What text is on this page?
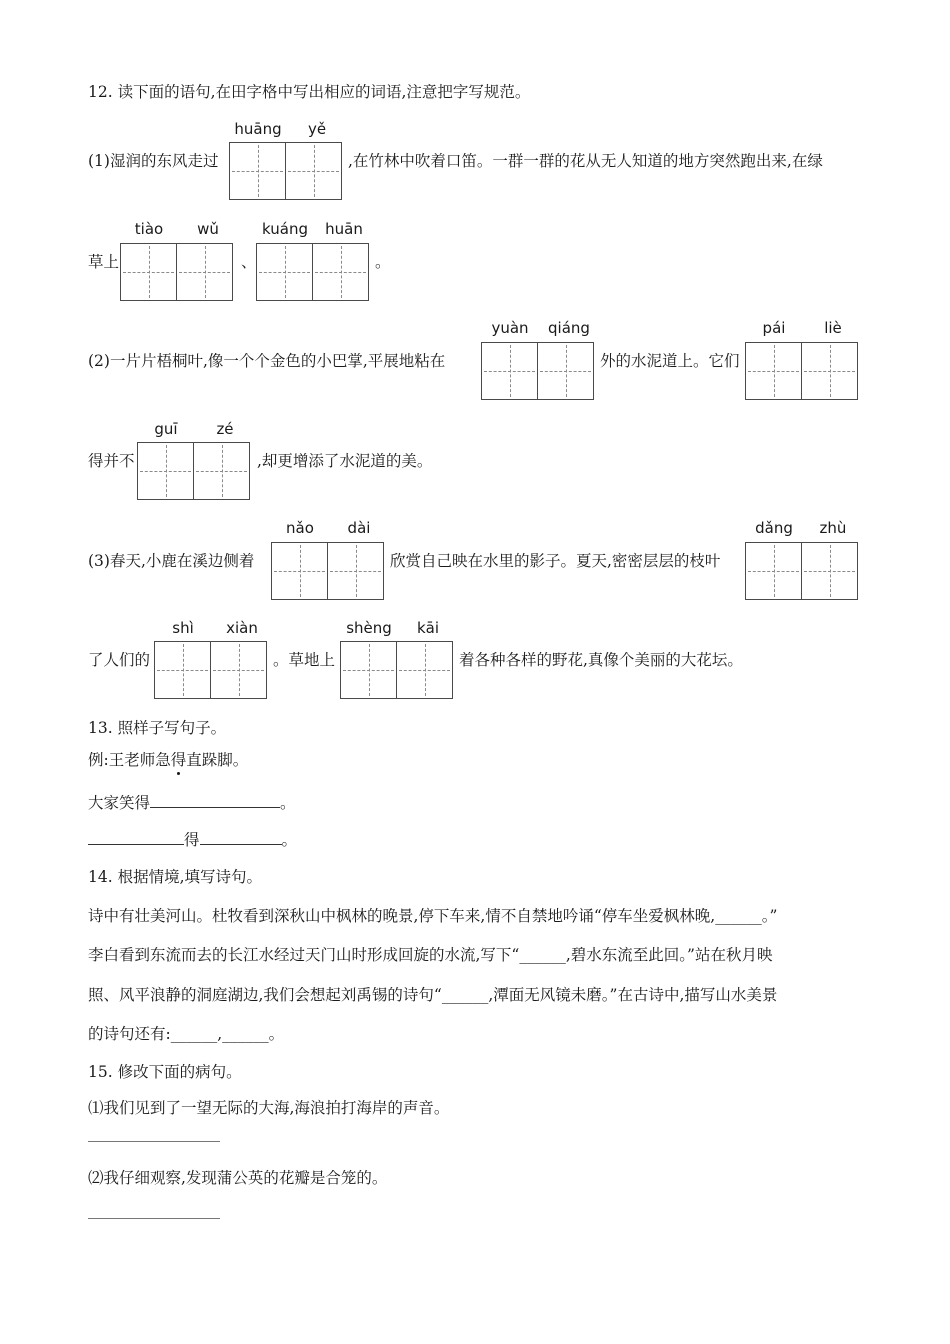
12. 读下面的语句,在田字格中写出相应的词语,注意把字写规范。
huāng	yě
(1)湿润的东风走过	,在竹林中吹着口笛。一群一群的花从无人知道的地方突然跑出来,在绿
tiào	wǔ	kuáng	huān
草上	、	。
yuàn	qiáng	pái	liè
(2)一片片梧桐叶,像一个个金色的小巴掌,平展地粘在	外的水泥道上。它们
guī	zé
得并不	,却更增添了水泥道的美。
nǎo	dài	dǎng	zhù
(3)春天,小鹿在溪边侧着	欣赏自己映在水里的影子。夏天,密密层层的枝叶
shì	xiàn	shèng	kāi
了人们的	。草地上	着各种各样的野花,真像个美丽的大花坛。
13. 照样子写句子。
例:王老师急得直跺脚。
大家笑得	。
得	。
14. 根据情境,填写诗句。
诗中有壮美河山。杜牧看到深秋山中枫林的晚景,停下车来,情不自禁地吟诵“停车坐爱枫林晚,______。”
李白看到东流而去的长江水经过天门山时形成回旋的水流,写下“______,碧水东流至此回。”站在秋月映
照、风平浪静的洞庭湖边,我们会想起刘禹锡的诗句“______,潭面无风镜未磨。”在古诗中,描写山水美景
的诗句还有:______,______。
15. 修改下面的病句。
⑴我们见到了一望无际的大海,海浪拍打海岸的声音。
⑵我仔细观察,发现蒲公英的花瓣是合笼的。
